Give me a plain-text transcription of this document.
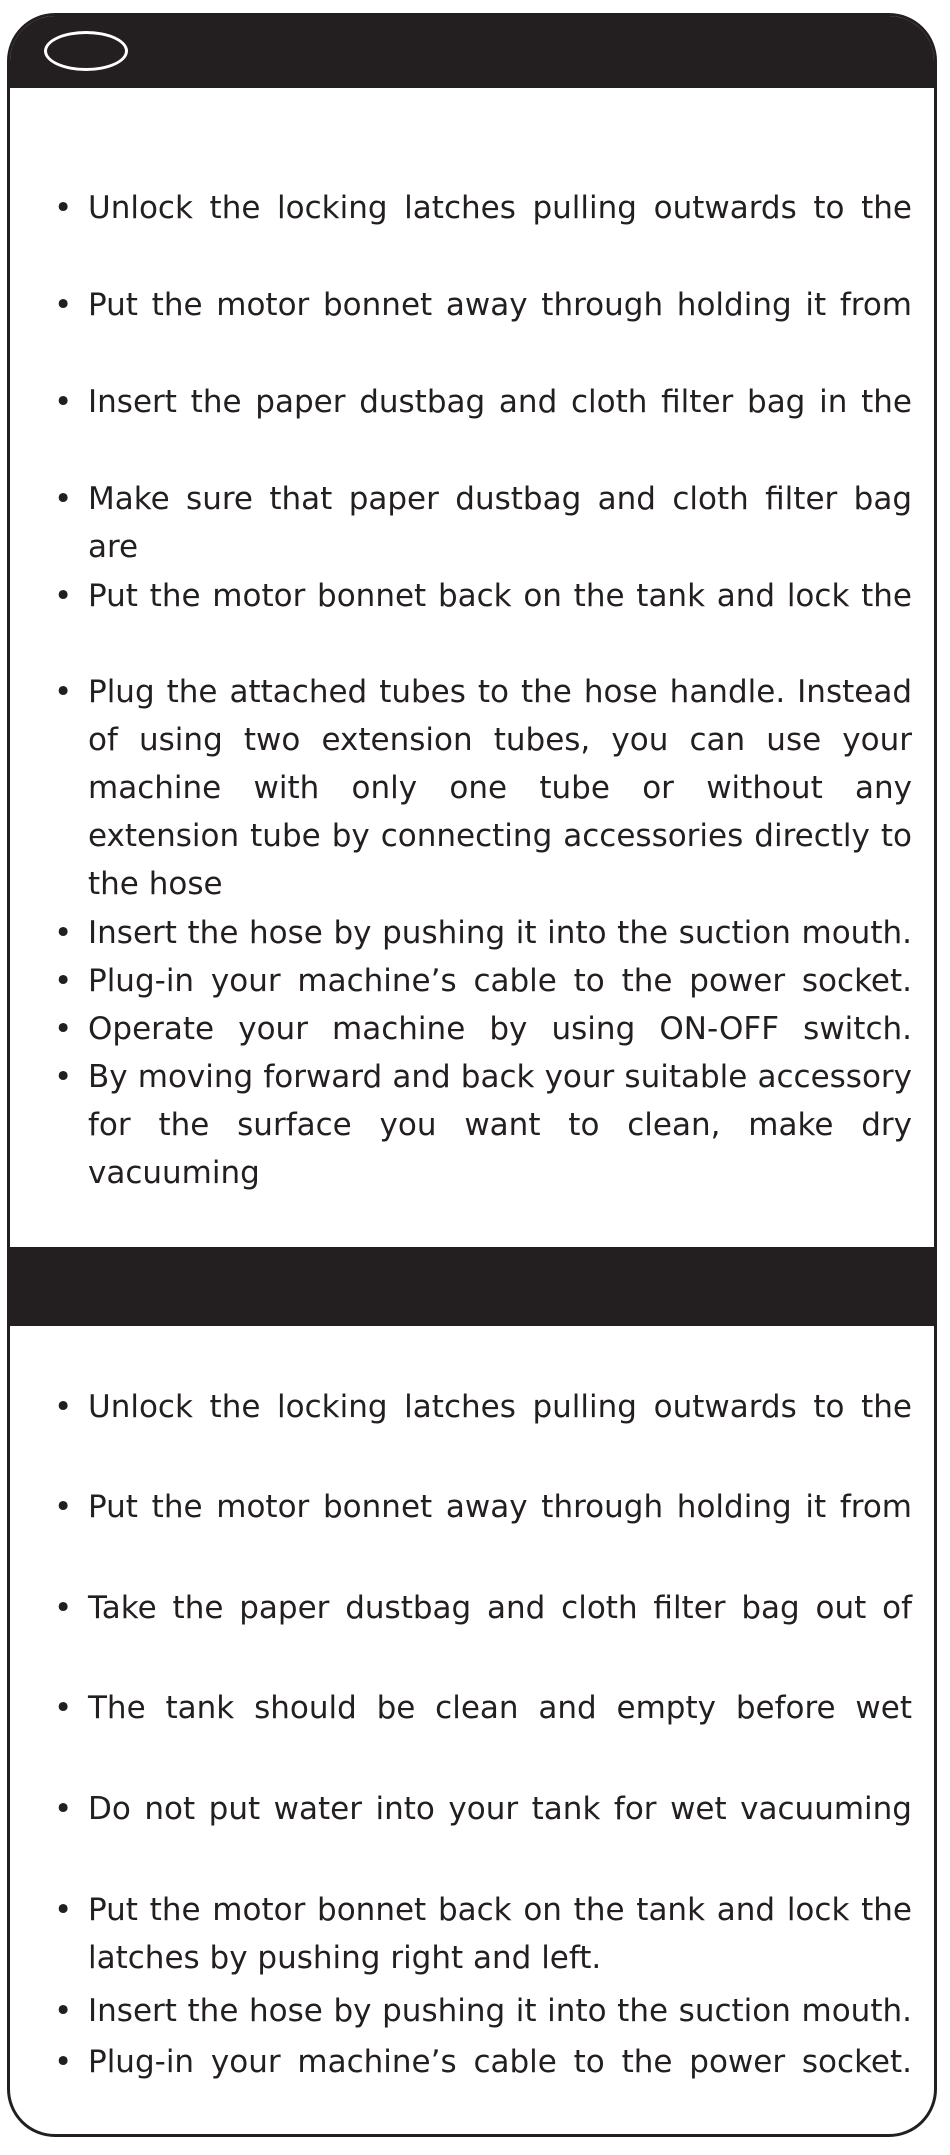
• Unlock the locking latches pulling outwards to the
• Put the motor bonnet away through holding it from
• Insert the paper dustbag and cloth filter bag in the
• Make sure that paper dustbag and cloth filter bag are
• Put the motor bonnet back on the tank and lock the
• Plug the attached tubes to the hose handle. Instead of using two extension tubes, you can use your machine with only one tube or without any extension tube by connecting accessories directly to the hose
• Insert the hose by pushing it into the suction mouth.
• Plug-in your machine’s cable to the power socket.
• Operate your machine by using ON-OFF switch.
• By moving forward and back your suitable accessory for the surface you want to clean, make dry vacuuming
• Unlock the locking latches pulling outwards to the
• Put the motor bonnet away through holding it from
• Take the paper dustbag and cloth filter bag out of
• The tank should be clean and empty before wet
• Do not put water into your tank for wet vacuuming
• Put the motor bonnet back on the tank and lock the latches by pushing right and left.
• Insert the hose by pushing it into the suction mouth.
• Plug-in your machine’s cable to the power socket.
